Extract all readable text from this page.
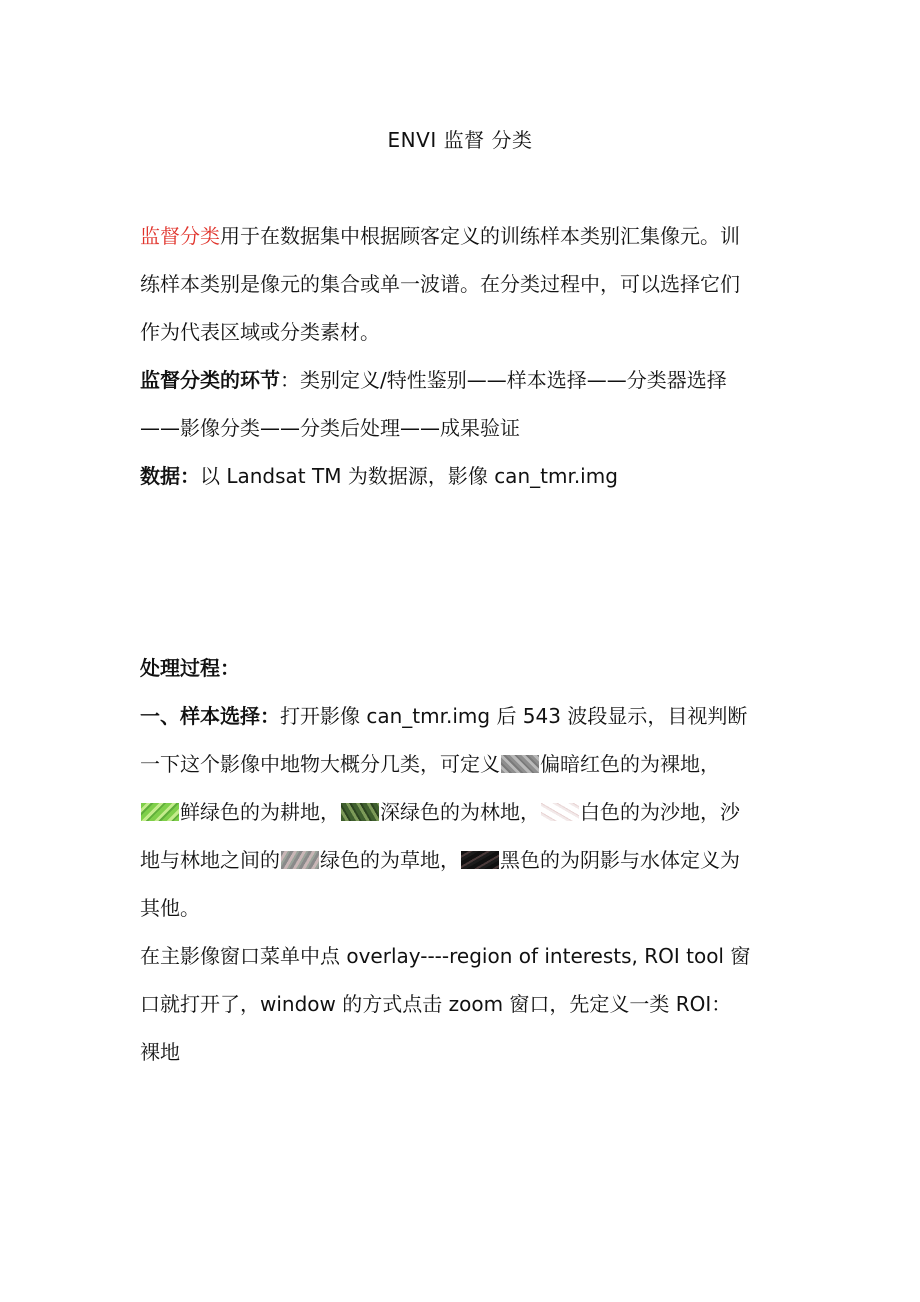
ENVI 监督 分类

监督分类用于在数据集中根据顾客定义的训练样本类别汇集像元。训

练样本类别是像元的集合或单一波谱。在分类过程中，可以选择它们

作为代表区域或分类素材。

监督分类的环节：类别定义/特性鉴别——样本选择——分类器选择

——影像分类——分类后处理——成果验证

数据：以 Landsat TM 为数据源，影像 can_tmr.img

处理过程：

一、样本选择：打开影像 can_tmr.img 后 543 波段显示，目视判断

一下这个影像中地物大概分几类，可定义 偏暗红色的为裸地，

鲜绿色的为耕地， 深绿色的为林地， 白色的为沙地，沙

地与林地之间的 绿色的为草地， 黑色的为阴影与水体定义为

其他。

在主影像窗口菜单中点 overlay----region of interests, ROI tool 窗

口就打开了，window 的方式点击 zoom 窗口，先定义一类 ROI：

裸地
